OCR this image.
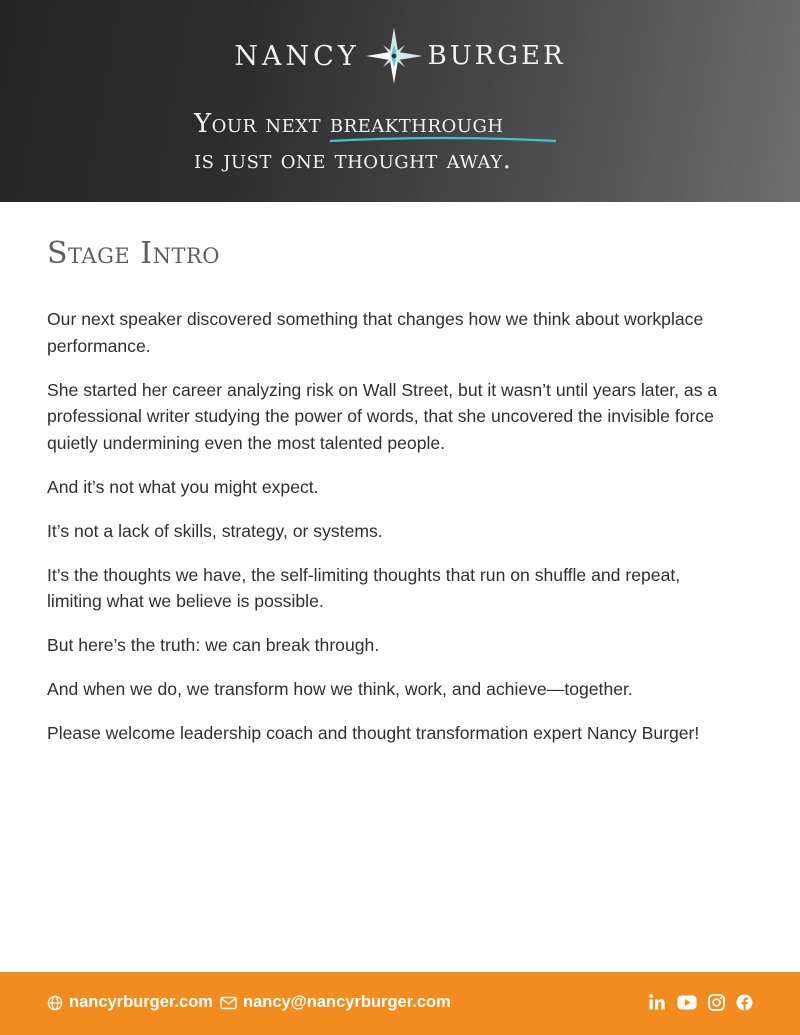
NANCY	BURGER
Your next breakthrough
is just one thought away.
Stage Intro

Our next speaker discovered something that changes how we think about workplace performance.

She started her career analyzing risk on Wall Street, but it wasn’t until years later, as a professional writer studying the power of words, that she uncovered the invisible force quietly undermining even the most talented people.

And it’s not what you might expect.

It’s not a lack of skills, strategy, or systems.

It’s the thoughts we have, the self-limiting thoughts that run on shuffle and repeat, limiting what we believe is possible.

But here’s the truth: we can break through.

And when we do, we transform how we think, work, and achieve—together.

Please welcome leadership coach and thought transformation expert Nancy Burger!

nancyrburger.com nancy@nancyrburger.com
